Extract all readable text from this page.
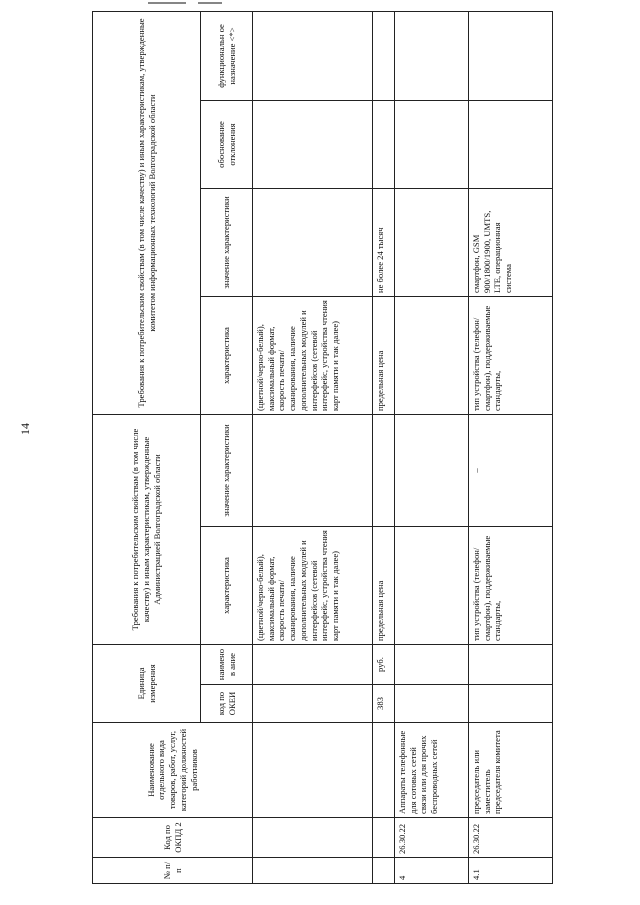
14
№ п/п	Код по ОКПД 2	Наименование отдельного вида товаров, работ, услуг, категорий должностей работников	Единица измерения		Требования к потребительским свойствам (в том числе качеству) и иным характеристикам, утвержденные Администрацией Волгоградской области		Требования к потребительским свойствам (в том числе качеству) и иным характеристикам, утвержденные комитетом информационных технологий Волгоградской области			
			код по ОКЕИ	наименов ание	характеристика	значение характеристики	характеристика	значение характеристики	обоснование отклонения	функциональн ое назначение <*>
					(цветной/черно-белый), максимальный формат, скорость печати/ сканирования, наличие дополнительных модулей и интерфейсов (сетевой интерфейс, устройства чтения карт памяти и так далее)		(цветной/черно-белый), максимальный формат, скорость печати/ сканирования, наличие дополнительных модулей и интерфейсов (сетевой интерфейс, устройства чтения карт памяти и так далее)			
			383	руб.	предельная цена		предельная цена	не более 24 тысяч		
4	26.30.22	Аппараты телефонные для сотовых сетей связи или для прочих беспроводных сетей								
4.1	26.30.22	председатель или заместитель председателя комитета			тип устройства (телефон/смартфон), поддерживаемые стандарты,	–	тип устройства (телефон/смартфон), поддерживаемые стандарты,	смартфон, GSM 900/1800/1900, UMTS, LTE, операционная система		
